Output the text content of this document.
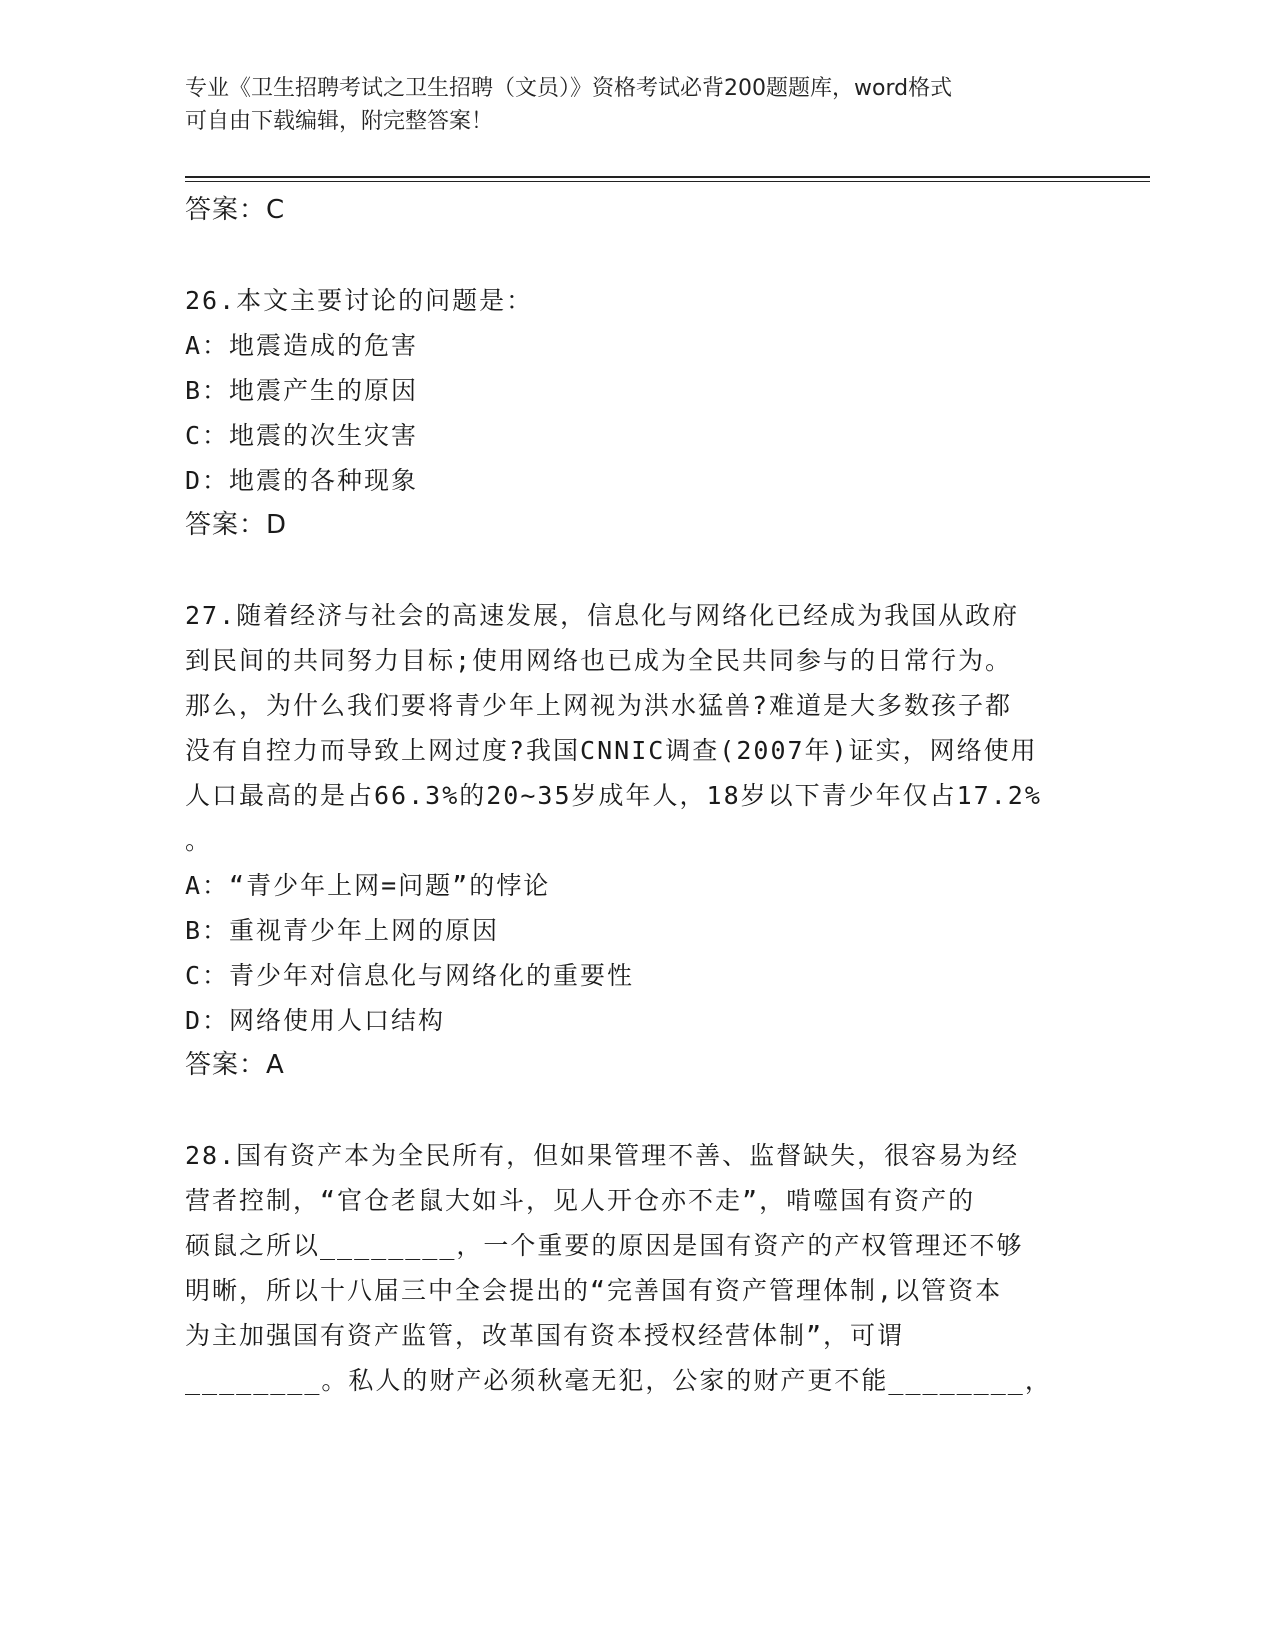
专业《卫生招聘考试之卫生招聘（文员）》资格考试必背200题题库，word格式
可自由下载编辑，附完整答案！
答案：C
26.本文主要讨论的问题是：
A：地震造成的危害
B：地震产生的原因
C：地震的次生灾害
D：地震的各种现象
答案：D
27.随着经济与社会的高速发展，信息化与网络化已经成为我国从政府
到民间的共同努力目标;使用网络也已成为全民共同参与的日常行为。
那么，为什么我们要将青少年上网视为洪水猛兽?难道是大多数孩子都
没有自控力而导致上网过度?我国CNNIC调查(2007年)证实，网络使用
人口最高的是占66.3%的20~35岁成年人，18岁以下青少年仅占17.2%
。
A：“青少年上网=问题”的悖论
B：重视青少年上网的原因
C：青少年对信息化与网络化的重要性
D：网络使用人口结构
答案：A
28.国有资产本为全民所有，但如果管理不善、监督缺失，很容易为经
营者控制，“官仓老鼠大如斗，见人开仓亦不走”，啃噬国有资产的
硕鼠之所以________，一个重要的原因是国有资产的产权管理还不够
明晰，所以十八届三中全会提出的“完善国有资产管理体制,以管资本
为主加强国有资产监管，改革国有资本授权经营体制”，可谓
________。私人的财产必须秋毫无犯，公家的财产更不能________，
